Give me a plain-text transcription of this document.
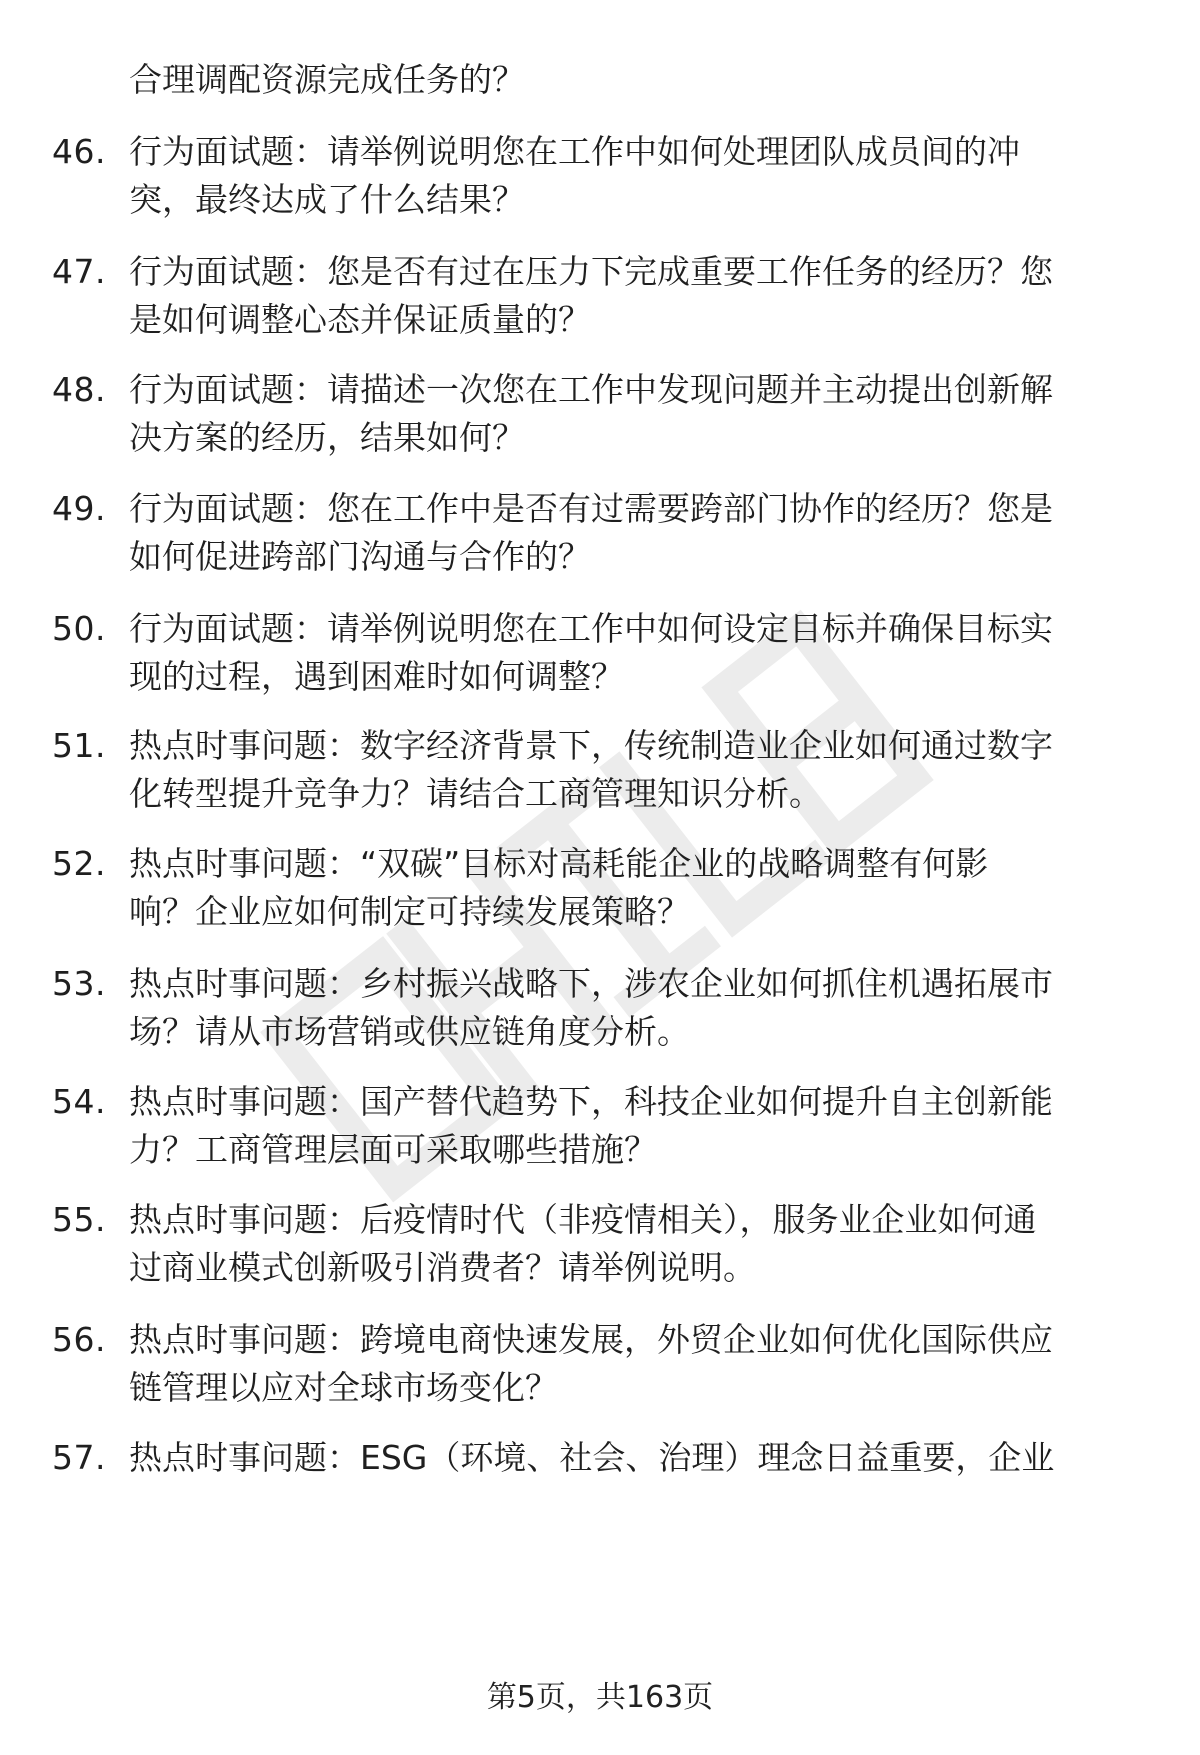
合理调配资源完成任务的？
46. 行为面试题：请举例说明您在工作中如何处理团队成员间的冲
突，最终达成了什么结果？
47. 行为面试题：您是否有过在压力下完成重要工作任务的经历？您
是如何调整心态并保证质量的？
48. 行为面试题：请描述一次您在工作中发现问题并主动提出创新解
决方案的经历，结果如何？
49. 行为面试题：您在工作中是否有过需要跨部门协作的经历？您是
如何促进跨部门沟通与合作的？
50. 行为面试题：请举例说明您在工作中如何设定目标并确保目标实
现的过程，遇到困难时如何调整？
51. 热点时事问题：数字经济背景下，传统制造业企业如何通过数字
化转型提升竞争力？请结合工商管理知识分析。
52. 热点时事问题：“双碳”目标对高耗能企业的战略调整有何影
响？企业应如何制定可持续发展策略？
53. 热点时事问题：乡村振兴战略下，涉农企业如何抓住机遇拓展市
场？请从市场营销或供应链角度分析。
54. 热点时事问题：国产替代趋势下，科技企业如何提升自主创新能
力？工商管理层面可采取哪些措施？
55. 热点时事问题：后疫情时代（非疫情相关），服务业企业如何通
过商业模式创新吸引消费者？请举例说明。
56. 热点时事问题：跨境电商快速发展，外贸企业如何优化国际供应
链管理以应对全球市场变化？
57. 热点时事问题：ESG（环境、社会、治理）理念日益重要，企业
第5页，共163页
